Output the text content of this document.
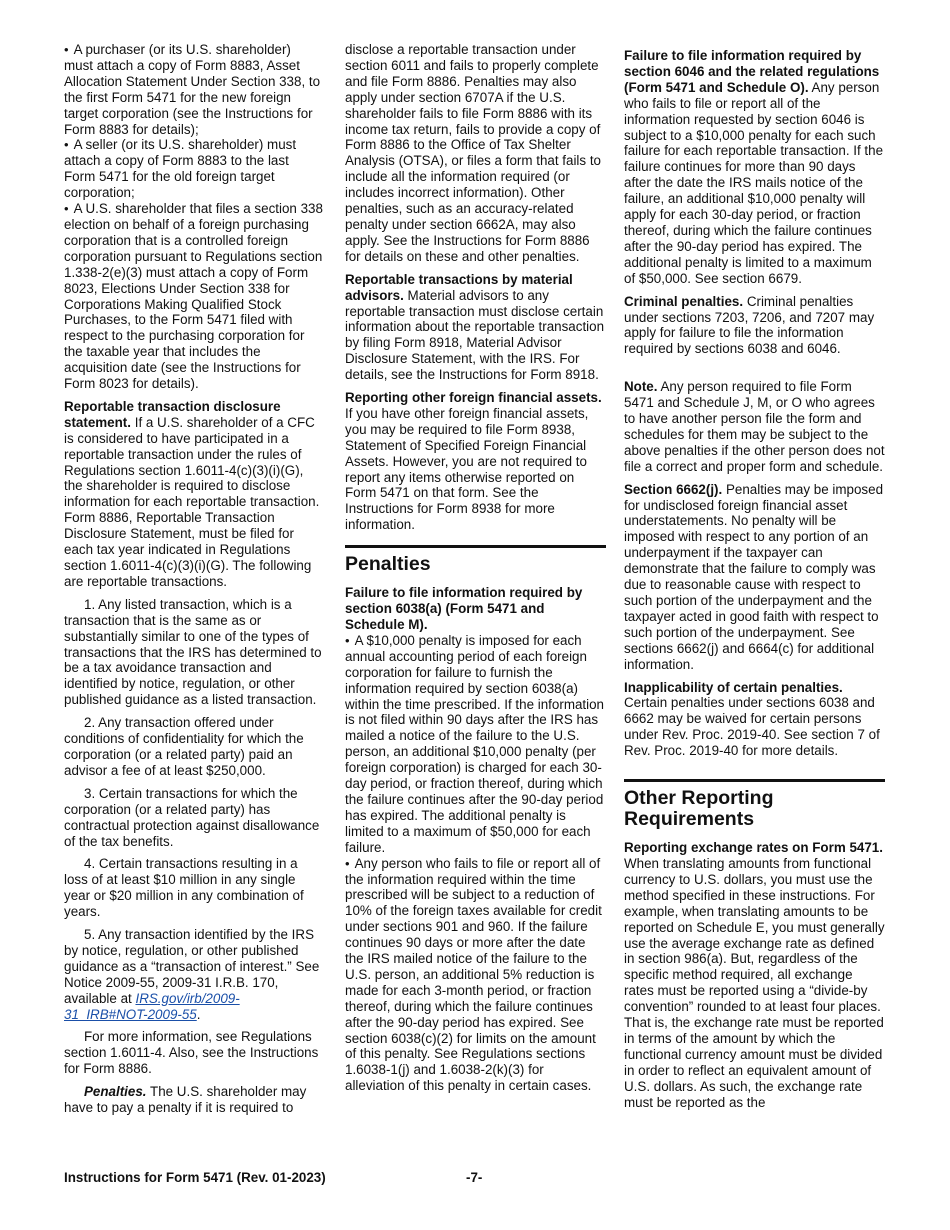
• A purchaser (or its U.S. shareholder) must attach a copy of Form 8883, Asset Allocation Statement Under Section 338, to the first Form 5471 for the new foreign target corporation (see the Instructions for Form 8883 for details);

• A seller (or its U.S. shareholder) must attach a copy of Form 8883 to the last Form 5471 for the old foreign target corporation;

• A U.S. shareholder that files a section 338 election on behalf of a foreign purchasing corporation that is a controlled foreign corporation pursuant to Regulations section 1.338-2(e)(3) must attach a copy of Form 8023, Elections Under Section 338 for Corporations Making Qualified Stock Purchases, to the Form 5471 filed with respect to the purchasing corporation for the taxable year that includes the acquisition date (see the Instructions for Form 8023 for details).

Reportable transaction disclosure statement. If a U.S. shareholder of a CFC is considered to have participated in a reportable transaction under the rules of Regulations section 1.6011-4(c)(3)(i)(G), the shareholder is required to disclose information for each reportable transaction. Form 8886, Reportable Transaction Disclosure Statement, must be filed for each tax year indicated in Regulations section 1.6011-4(c)(3)(i)(G). The following are reportable transactions.

1. Any listed transaction, which is a transaction that is the same as or substantially similar to one of the types of transactions that the IRS has determined to be a tax avoidance transaction and identified by notice, regulation, or other published guidance as a listed transaction.

2. Any transaction offered under conditions of confidentiality for which the corporation (or a related party) paid an advisor a fee of at least $250,000.

3. Certain transactions for which the corporation (or a related party) has contractual protection against disallowance of the tax benefits.

4. Certain transactions resulting in a loss of at least $10 million in any single year or $20 million in any combination of years.

5. Any transaction identified by the IRS by notice, regulation, or other published guidance as a “transaction of interest.” See Notice 2009-55, 2009-31 I.R.B. 170, available at IRS.gov/irb/2009-31_IRB#NOT-2009-55.

For more information, see Regulations section 1.6011-4. Also, see the Instructions for Form 8886.

Penalties. The U.S. shareholder may have to pay a penalty if it is required to

disclose a reportable transaction under section 6011 and fails to properly complete and file Form 8886. Penalties may also apply under section 6707A if the U.S. shareholder fails to file Form 8886 with its income tax return, fails to provide a copy of Form 8886 to the Office of Tax Shelter Analysis (OTSA), or files a form that fails to include all the information required (or includes incorrect information). Other penalties, such as an accuracy-related penalty under section 6662A, may also apply. See the Instructions for Form 8886 for details on these and other penalties.

Reportable transactions by material advisors. Material advisors to any reportable transaction must disclose certain information about the reportable transaction by filing Form 8918, Material Advisor Disclosure Statement, with the IRS. For details, see the Instructions for Form 8918.

Reporting other foreign financial assets. If you have other foreign financial assets, you may be required to file Form 8938, Statement of Specified Foreign Financial Assets. However, you are not required to report any items otherwise reported on Form 5471 on that form. See the Instructions for Form 8938 for more information.

Penalties

Failure to file information required by section 6038(a) (Form 5471 and Schedule M).

• A $10,000 penalty is imposed for each annual accounting period of each foreign corporation for failure to furnish the information required by section 6038(a) within the time prescribed. If the information is not filed within 90 days after the IRS has mailed a notice of the failure to the U.S. person, an additional $10,000 penalty (per foreign corporation) is charged for each 30-day period, or fraction thereof, during which the failure continues after the 90-day period has expired. The additional penalty is limited to a maximum of $50,000 for each failure.

• Any person who fails to file or report all of the information required within the time prescribed will be subject to a reduction of 10% of the foreign taxes available for credit under sections 901 and 960. If the failure continues 90 days or more after the date the IRS mailed notice of the failure to the U.S. person, an additional 5% reduction is made for each 3-month period, or fraction thereof, during which the failure continues after the 90-day period has expired. See section 6038(c)(2) for limits on the amount of this penalty. See Regulations sections 1.6038-1(j) and 1.6038-2(k)(3) for alleviation of this penalty in certain cases.

Failure to file information required by section 6046 and the related regulations (Form 5471 and Schedule O). Any person who fails to file or report all of the information requested by section 6046 is subject to a $10,000 penalty for each such failure for each reportable transaction. If the failure continues for more than 90 days after the date the IRS mails notice of the failure, an additional $10,000 penalty will apply for each 30-day period, or fraction thereof, during which the failure continues after the 90-day period has expired. The additional penalty is limited to a maximum of $50,000. See section 6679.

Criminal penalties. Criminal penalties under sections 7203, 7206, and 7207 may apply for failure to file the information required by sections 6038 and 6046.

Note. Any person required to file Form 5471 and Schedule J, M, or O who agrees to have another person file the form and schedules for them may be subject to the above penalties if the other person does not file a correct and proper form and schedule.

Section 6662(j). Penalties may be imposed for undisclosed foreign financial asset understatements. No penalty will be imposed with respect to any portion of an underpayment if the taxpayer can demonstrate that the failure to comply was due to reasonable cause with respect to such portion of the underpayment and the taxpayer acted in good faith with respect to such portion of the underpayment. See sections 6662(j) and 6664(c) for additional information.

Inapplicability of certain penalties.
Certain penalties under sections 6038 and 6662 may be waived for certain persons under Rev. Proc. 2019-40. See section 7 of Rev. Proc. 2019-40 for more details.

Other Reporting Requirements

Reporting exchange rates on Form 5471. When translating amounts from functional currency to U.S. dollars, you must use the method specified in these instructions. For example, when translating amounts to be reported on Schedule E, you must generally use the average exchange rate as defined in section 986(a). But, regardless of the specific method required, all exchange rates must be reported using a “divide-by convention” rounded to at least four places. That is, the exchange rate must be reported in terms of the amount by which the functional currency amount must be divided in order to reflect an equivalent amount of U.S. dollars. As such, the exchange rate must be reported as the

Instructions for Form 5471 (Rev. 01-2023)	-7-
